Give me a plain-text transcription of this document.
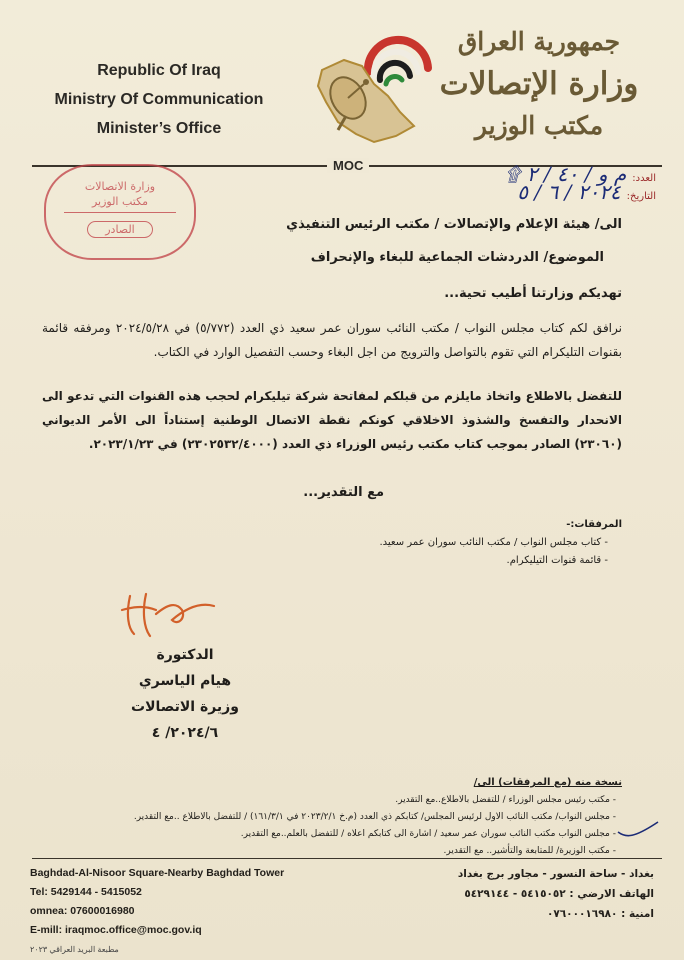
Republic Of Iraq
Ministry Of Communication
Minister’s Office
جمهورية العراق
وزارة الإتصالات
مكتب الوزير
MOC
وزارة الاتصالات
مكتب الوزير
الصادر
العدد:
م و / ٤٠ / ٢ ۩
التاريخ:
٢٠٢٤ / ٦ / ٥
الى/ هيئة الإعلام والإتصالات / مكتب الرئيس التنفيذي
الموضوع/ الدردشات الجماعية للبغاء والإنحراف
تهديكم وزارتنا أطيب تحية...
نرافق لكم كتاب مجلس النواب / مكتب النائب سوران عمر سعيد ذي العدد (٥/٧٧٢) في ٢٠٢٤/٥/٢٨ ومرفقه قائمة بقنوات التليكرام التي تقوم بالتواصل والترويج من اجل البغاء وحسب التفصيل الوارد في الكتاب.
للتفضل بالاطلاع واتخاذ مايلزم من قبلكم لمفاتحة شركة تيليكرام لحجب هذه القنوات التي تدعو الى الانحدار والتفسخ والشذوذ الاخلاقي كونكم نقطة الاتصال الوطنية إستناداً الى الأمر الديواني (٢٣٠٦٠) الصادر بموجب كتاب مكتب رئيس الوزراء ذي العدد (٢٣٠٢٥٣٢/٤٠٠٠) في ٢٠٢٣/١/٢٣.
مع التقدير...
المرفقات:-
- كتاب مجلس النواب / مكتب النائب سوران عمر سعيد.
- قائمة قنوات التيليكرام.
الدكتورة
هيام الياسري
وزيرة الاتصالات
٢٠٢٤/٦/ ٤
نسخة منه (مع المرفقات) الى/
- مكتب رئيس مجلس الوزراء / للتفضل بالاطلاع..مع التقدير.
- مجلس النواب/ مكتب النائب الاول لرئيس المجلس/ كتابكم ذي العدد (م.خ ٢٠٢٣/٢/١ في ١٦١/٣/١) / للتفضل بالاطلاع ..مع التقدير.
- مجلس النواب مكتب النائب سوران عمر سعيد / اشارة الى كتابكم اعلاه / للتفضل بالعلم..مع التقدير.
- مكتب الوزيرة/ للمتابعة والتأشير.. مع التقدير.
Baghdad-Al-Nisoor Square-Nearby Baghdad Tower
Tel: 5429144 - 5415052
omnea: 07600016980
E-mill: iraqmoc.office@moc.gov.iq
مطبعة البريد العراقي ٢٠٢٣
بغداد - ساحة النسور - مجاور برج بغداد
الهاتف الارضي : ٥٤١٥٠٥٢ - ٥٤٢٩١٤٤
امنية : ٠٧٦٠٠٠١٦٩٨٠
